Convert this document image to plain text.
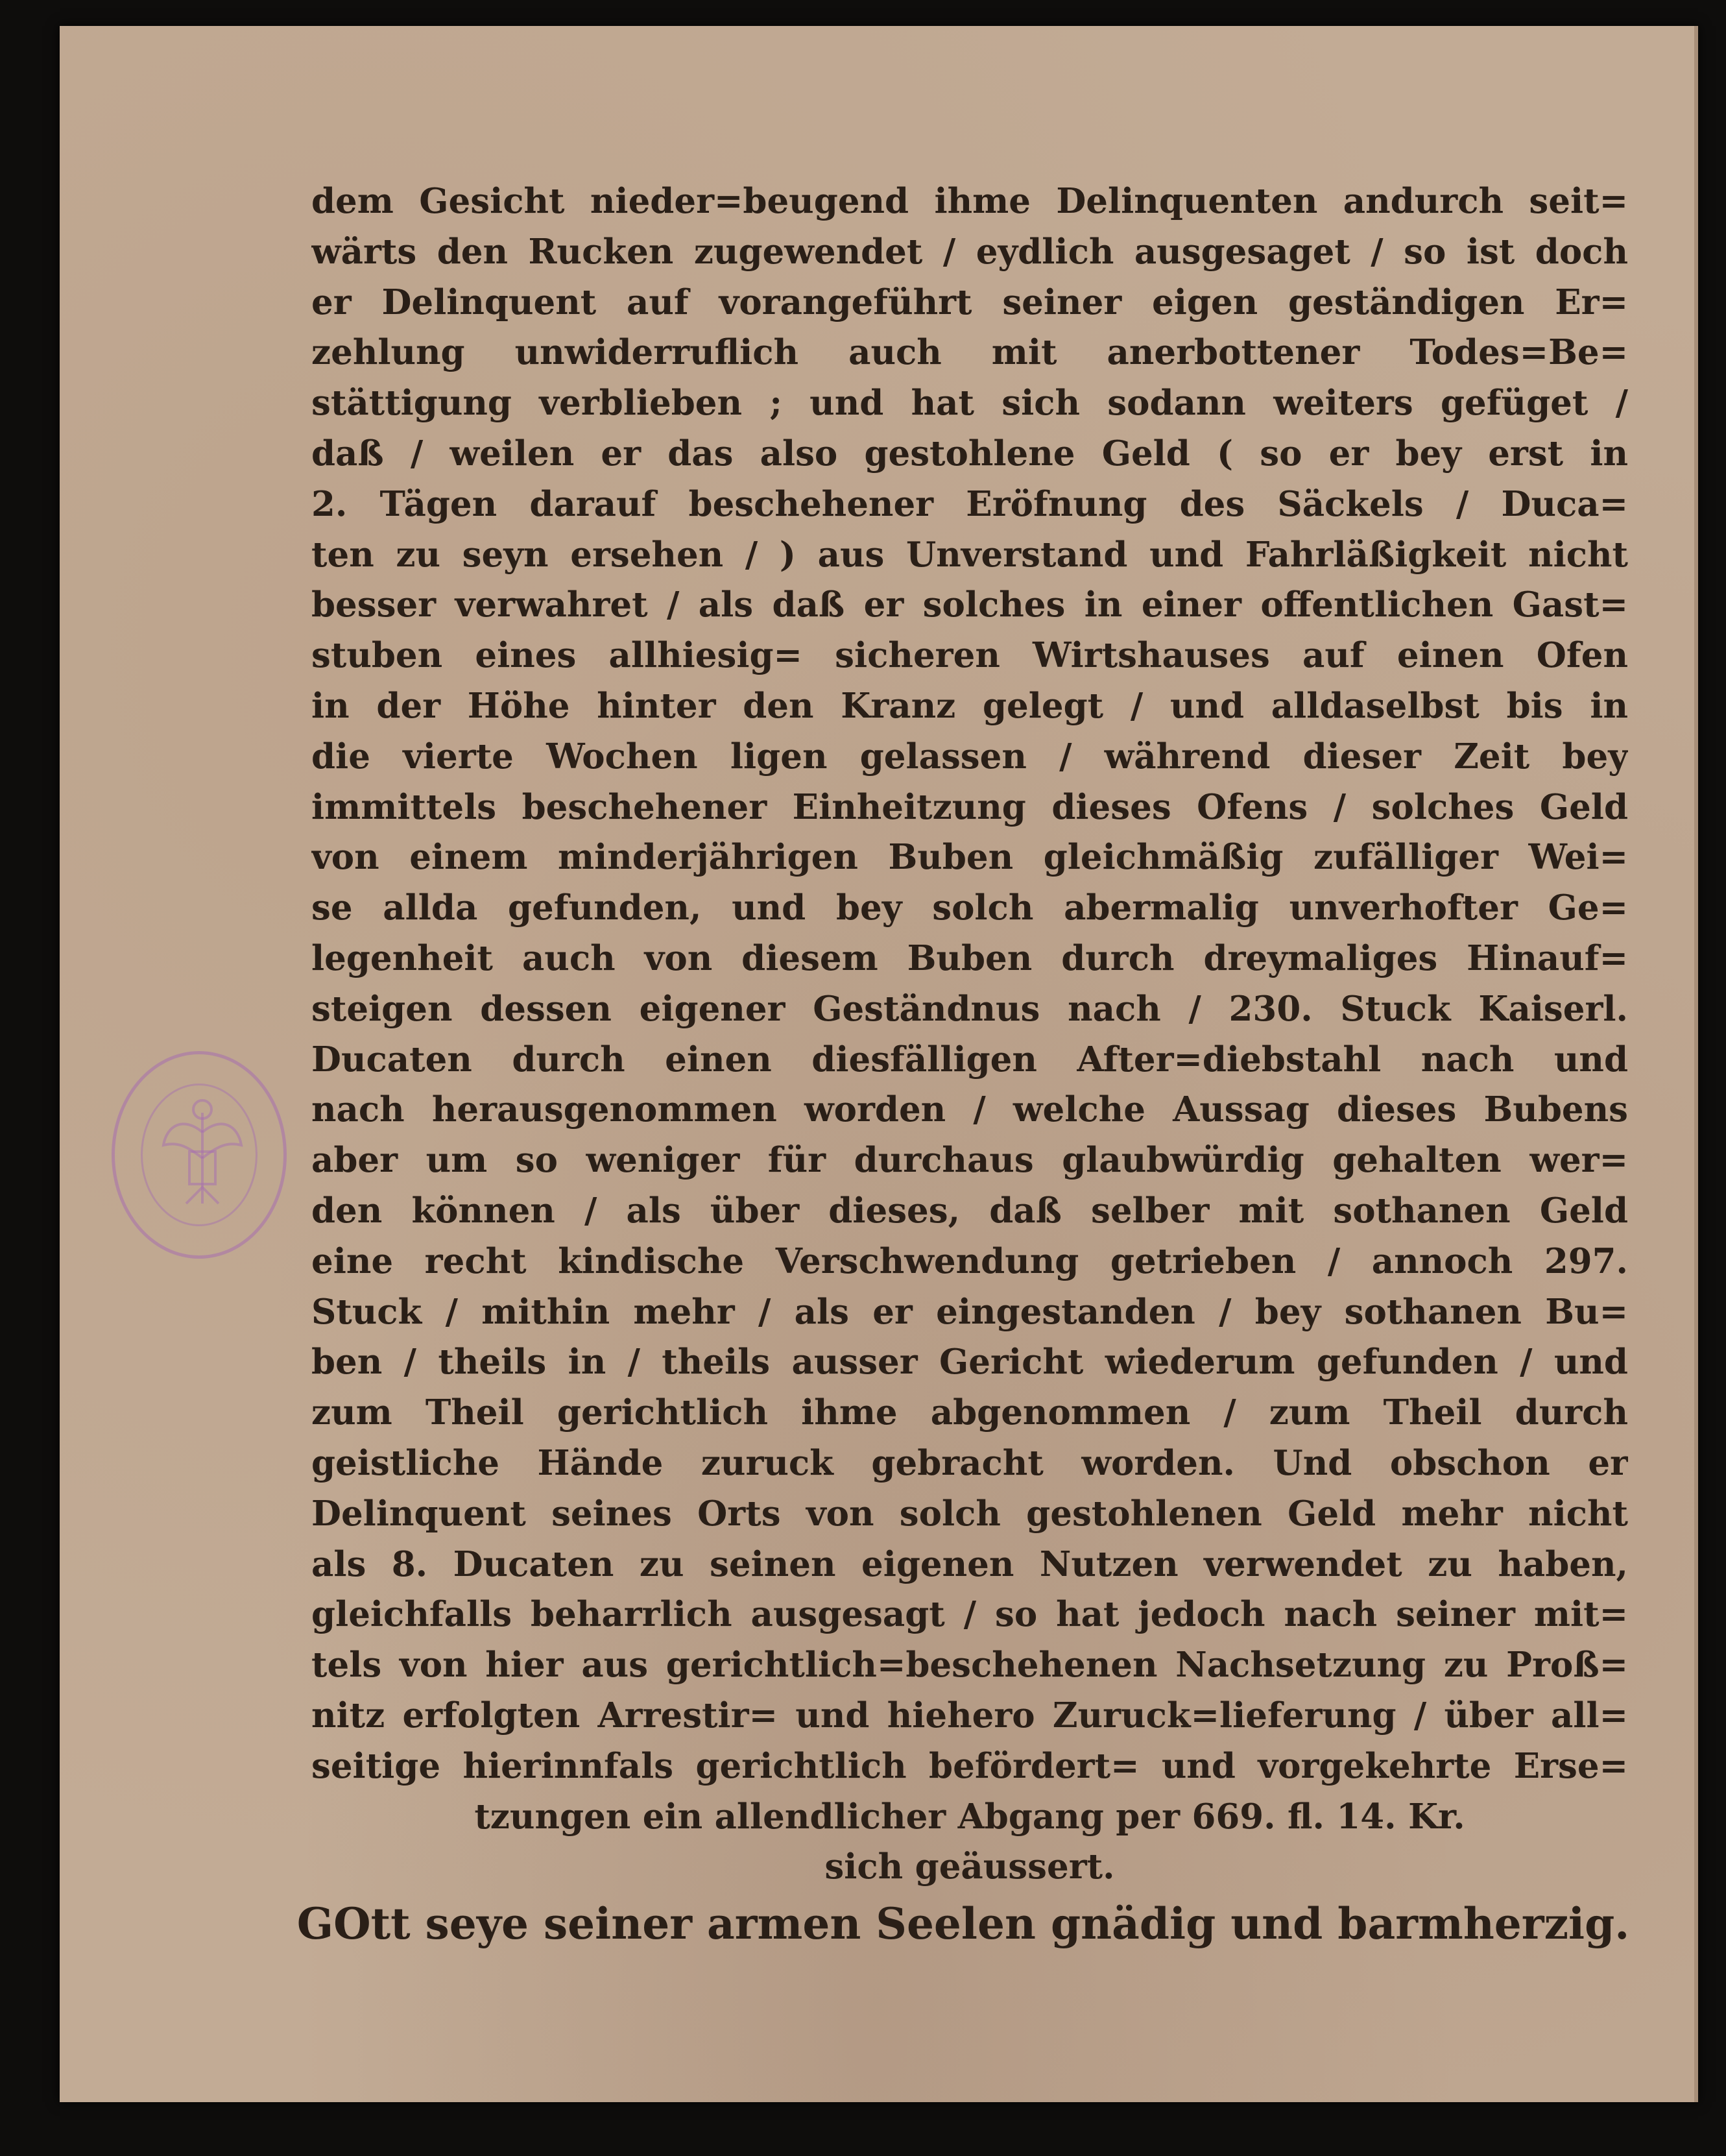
dem Gesicht nieder=beugend ihme Delinquenten andurch seit=
wärts den Rucken zugewendet / eydlich ausgesaget / so ist doch
er Delinquent auf vorangeführt seiner eigen geständigen Er=
zehlung unwiderruflich auch mit anerbottener Todes=Be=
stättigung verblieben ; und hat sich sodann weiters gefüget /
daß / weilen er das also gestohlene Geld ( so er bey erst in
2. Tägen darauf beschehener Eröfnung des Säckels / Duca=
ten zu seyn ersehen / ) aus Unverstand und Fahrläßigkeit nicht
besser verwahret / als daß er solches in einer offentlichen Gast=
stuben eines allhiesig= sicheren Wirtshauses auf einen Ofen
in der Höhe hinter den Kranz gelegt / und alldaselbst bis in
die vierte Wochen ligen gelassen / während dieser Zeit bey
immittels beschehener Einheitzung dieses Ofens / solches Geld
von einem minderjährigen Buben gleichmäßig zufälliger Wei=
se allda gefunden, und bey solch abermalig unverhofter Ge=
legenheit auch von diesem Buben durch dreymaliges Hinauf=
steigen dessen eigener Geständnus nach / 230. Stuck Kaiserl.
Ducaten durch einen diesfälligen After=diebstahl nach und
nach herausgenommen worden / welche Aussag dieses Bubens
aber um so weniger für durchaus glaubwürdig gehalten wer=
den können / als über dieses, daß selber mit sothanen Geld
eine recht kindische Verschwendung getrieben / annoch 297.
Stuck / mithin mehr / als er eingestanden / bey sothanen Bu=
ben / theils in / theils ausser Gericht wiederum gefunden / und
zum Theil gerichtlich ihme abgenommen / zum Theil durch
geistliche Hände zuruck gebracht worden. Und obschon er
Delinquent seines Orts von solch gestohlenen Geld mehr nicht
als 8. Ducaten zu seinen eigenen Nutzen verwendet zu haben,
gleichfalls beharrlich ausgesagt / so hat jedoch nach seiner mit=
tels von hier aus gerichtlich=beschehenen Nachsetzung zu Proß=
nitz erfolgten Arrestir= und hiehero Zuruck=lieferung / über all=
seitige hierinnfals gerichtlich befördert= und vorgekehrte Erse=
tzungen ein allendlicher Abgang per 669. fl. 14. Kr.
sich geäussert.
GOtt seye seiner armen Seelen gnädig und barmherzig.
